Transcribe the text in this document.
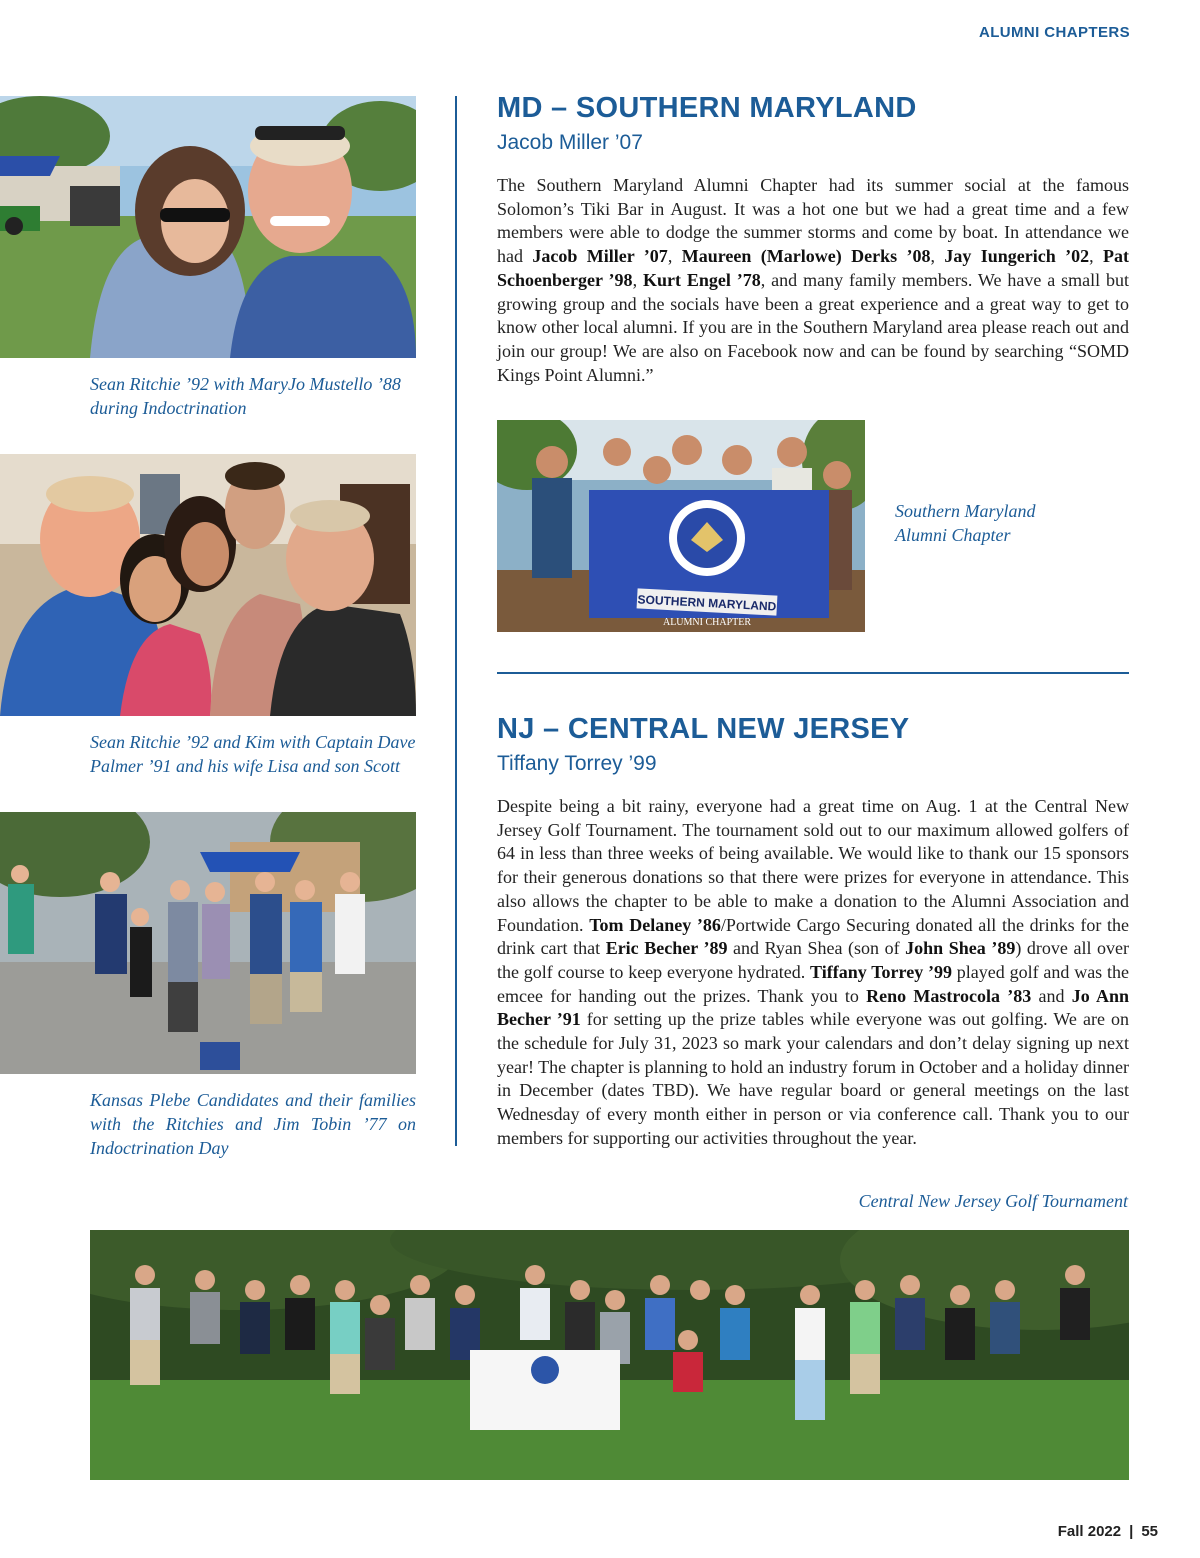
ALUMNI CHAPTERS
Sean Ritchie ’92 with MaryJo Mustello ’88 during Indoctrination
Sean Ritchie ’92 and Kim with Captain Dave Palmer ’91 and his wife Lisa and son Scott
Kansas Plebe Candidates and their families with the Ritchies and Jim Tobin ’77 on Indoctrination Day
MD – SOUTHERN MARYLAND
Jacob Miller ’07
The Southern Maryland Alumni Chapter had its summer social at the famous Solomon’s Tiki Bar in August. It was a hot one but we had a great time and a few members were able to dodge the summer storms and come by boat. In attendance we had Jacob Miller ’07, Maureen (Marlowe) Derks ’08, Jay Iungerich ’02, Pat Schoenberger ’98, Kurt Engel ’78, and many family members. We have a small but growing group and the socials have been a great experience and a great way to get to know other local alumni. If you are in the Southern Maryland area please reach out and join our group! We are also on Facebook now and can be found by searching “SOMD Kings Point Alumni.”
SOUTHERN MARYLAND
ALUMNI CHAPTER
Southern Maryland Alumni Chapter
NJ – CENTRAL NEW JERSEY
Tiffany Torrey ’99
Despite being a bit rainy, everyone had a great time on Aug. 1 at the Central New Jersey Golf Tournament. The tournament sold out to our maximum allowed golfers of 64 in less than three weeks of being available. We would like to thank our 15 sponsors for their generous donations so that there were prizes for everyone in attendance. This also allows the chapter to be able to make a donation to the Alumni Association and Foundation. Tom Delaney ’86/Portwide Cargo Securing donated all the drinks for the drink cart that Eric Becher ’89 and Ryan Shea (son of John Shea ’89) drove all over the golf course to keep everyone hydrated. Tiffany Torrey ’99 played golf and was the emcee for handing out the prizes. Thank you to Reno Mastrocola ’83 and Jo Ann Becher ’91 for setting up the prize tables while everyone was out golfing. We are on the schedule for July 31, 2023 so mark your calendars and don’t delay signing up next year! The chapter is planning to hold an industry forum in October and a holiday dinner in December (dates TBD). We have regular board or general meetings on the last Wednesday of every month either in person or via conference call. Thank you to our members for supporting our activities throughout the year.
Central New Jersey Golf Tournament
Fall 2022 | 55
